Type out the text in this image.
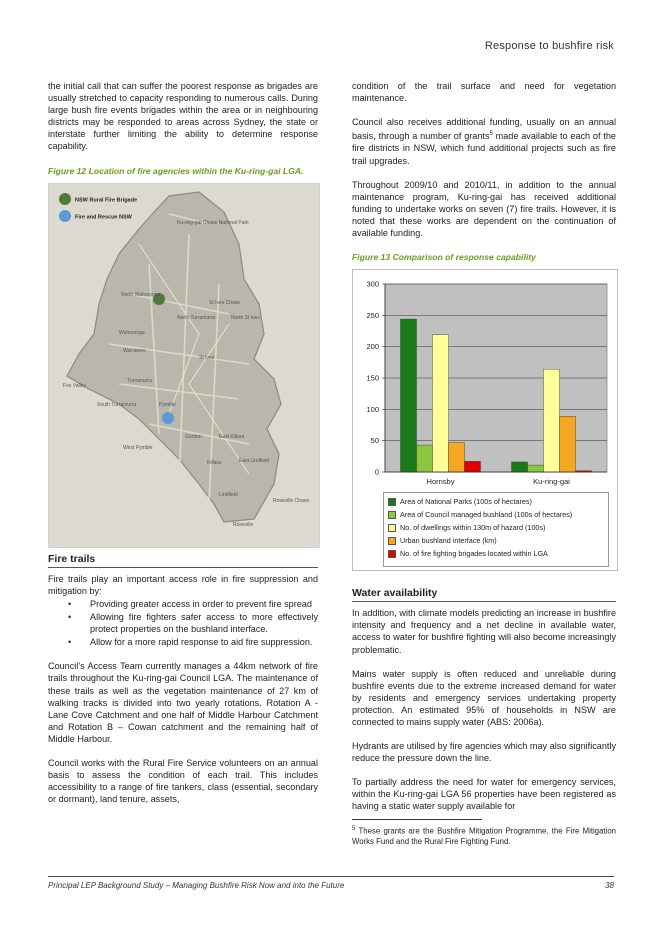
Response to bushfire risk

the initial call that can suffer the poorest response as brigades are usually stretched to capacity responding to numerous calls. During large bush fire events brigades within the area or in neighbouring districts may be responded to areas across Sydney, the state or interstate further limiting the ability to determine response capability.

Figure 12 Location of fire agencies within the Ku-ring-gai LGA.
NSW Rural Fire Brigade
Fire and Rescue NSW
Ku-ring-gai Chase National Park
North Wahroonga
St Ives Chase
North Turramurra	North St Ives
Wahroonga
Warrawee
St Ives
Fox Valley
Turramurra
Pymble
South Turramurra
Gordon	East Killara
West Pymble
Killara	East Lindfield
Lindfield
Roseville Chase
Roseville
Fire trails

Fire trails play an important access role in fire suppression and mitigation by:

• Providing greater access in order to prevent fire spread
• Allowing fire fighters safer access to more effectively protect properties on the bushland interface.
• Allow for a more rapid response to aid fire suppression.

Council's Access Team currently manages a 44km network of fire trails throughout the Ku-ring-gai Council LGA. The maintenance of these trails as well as the vegetation maintenance of 27 km of walking tracks is divided into two yearly rotations. Rotation A - Lane Cove Catchment and one half of Middle Harbour Catchment and Rotation B – Cowan catchment and the remaining half of Middle Harbour.

Council works with the Rural Fire Service volunteers on an annual basis to assess the condition of each trail. This includes accessibility to a range of fire tankers, class (essential, secondary or dormant), land tenure, assets,

condition of the trail surface and need for vegetation maintenance.

Council also receives additional funding, usually on an annual basis, through a number of grants$^5$ made available to each of the fire districts in NSW, which fund additional projects such as fire trail upgrades.

Throughout 2009/10 and 2010/11, in addition to the annual maintenance program, Ku-ring-gai has received additional funding to undertake works on seven (7) fire trails. However, it is noted that these works are dependent on the continuation of available funding.

Figure 13 Comparison of response capability
0
50
100
150
200
250
300
Hornsby	Ku-ring-gai
Area of National Parks (100s of hectares)
Area of Council managed bushland (100s of hectares)
No. of dwellings within 130m of hazard (100s)
Urban bushland interface (km)
No. of fire fighting brigades located within LGA
Water availability

In addition, with climate models predicting an increase in bushfire intensity and frequency and a net decline in available water, access to water for bushfire fighting will also become increasingly problematic.

Mains water supply is often reduced and unreliable during bushfire events due to the extreme increased demand for water by residents and emergency services undertaking property protection. An estimated 95% of households in NSW are connected to mains supply water (ABS: 2006a).

Hydrants are utilised by fire agencies which may also significantly reduce the pressure down the line.

To partially address the need for water for emergency services, within the Ku-ring-gai LGA 56 properties have been registered as having a static water supply available for

$^5$ These grants are the Bushfire Mitigation Programme, the Fire Mitigation Works Fund and the Rural Fire Fighting Fund.
Principal LEP Background Study – Managing Bushfire Risk Now and into the Future	38
